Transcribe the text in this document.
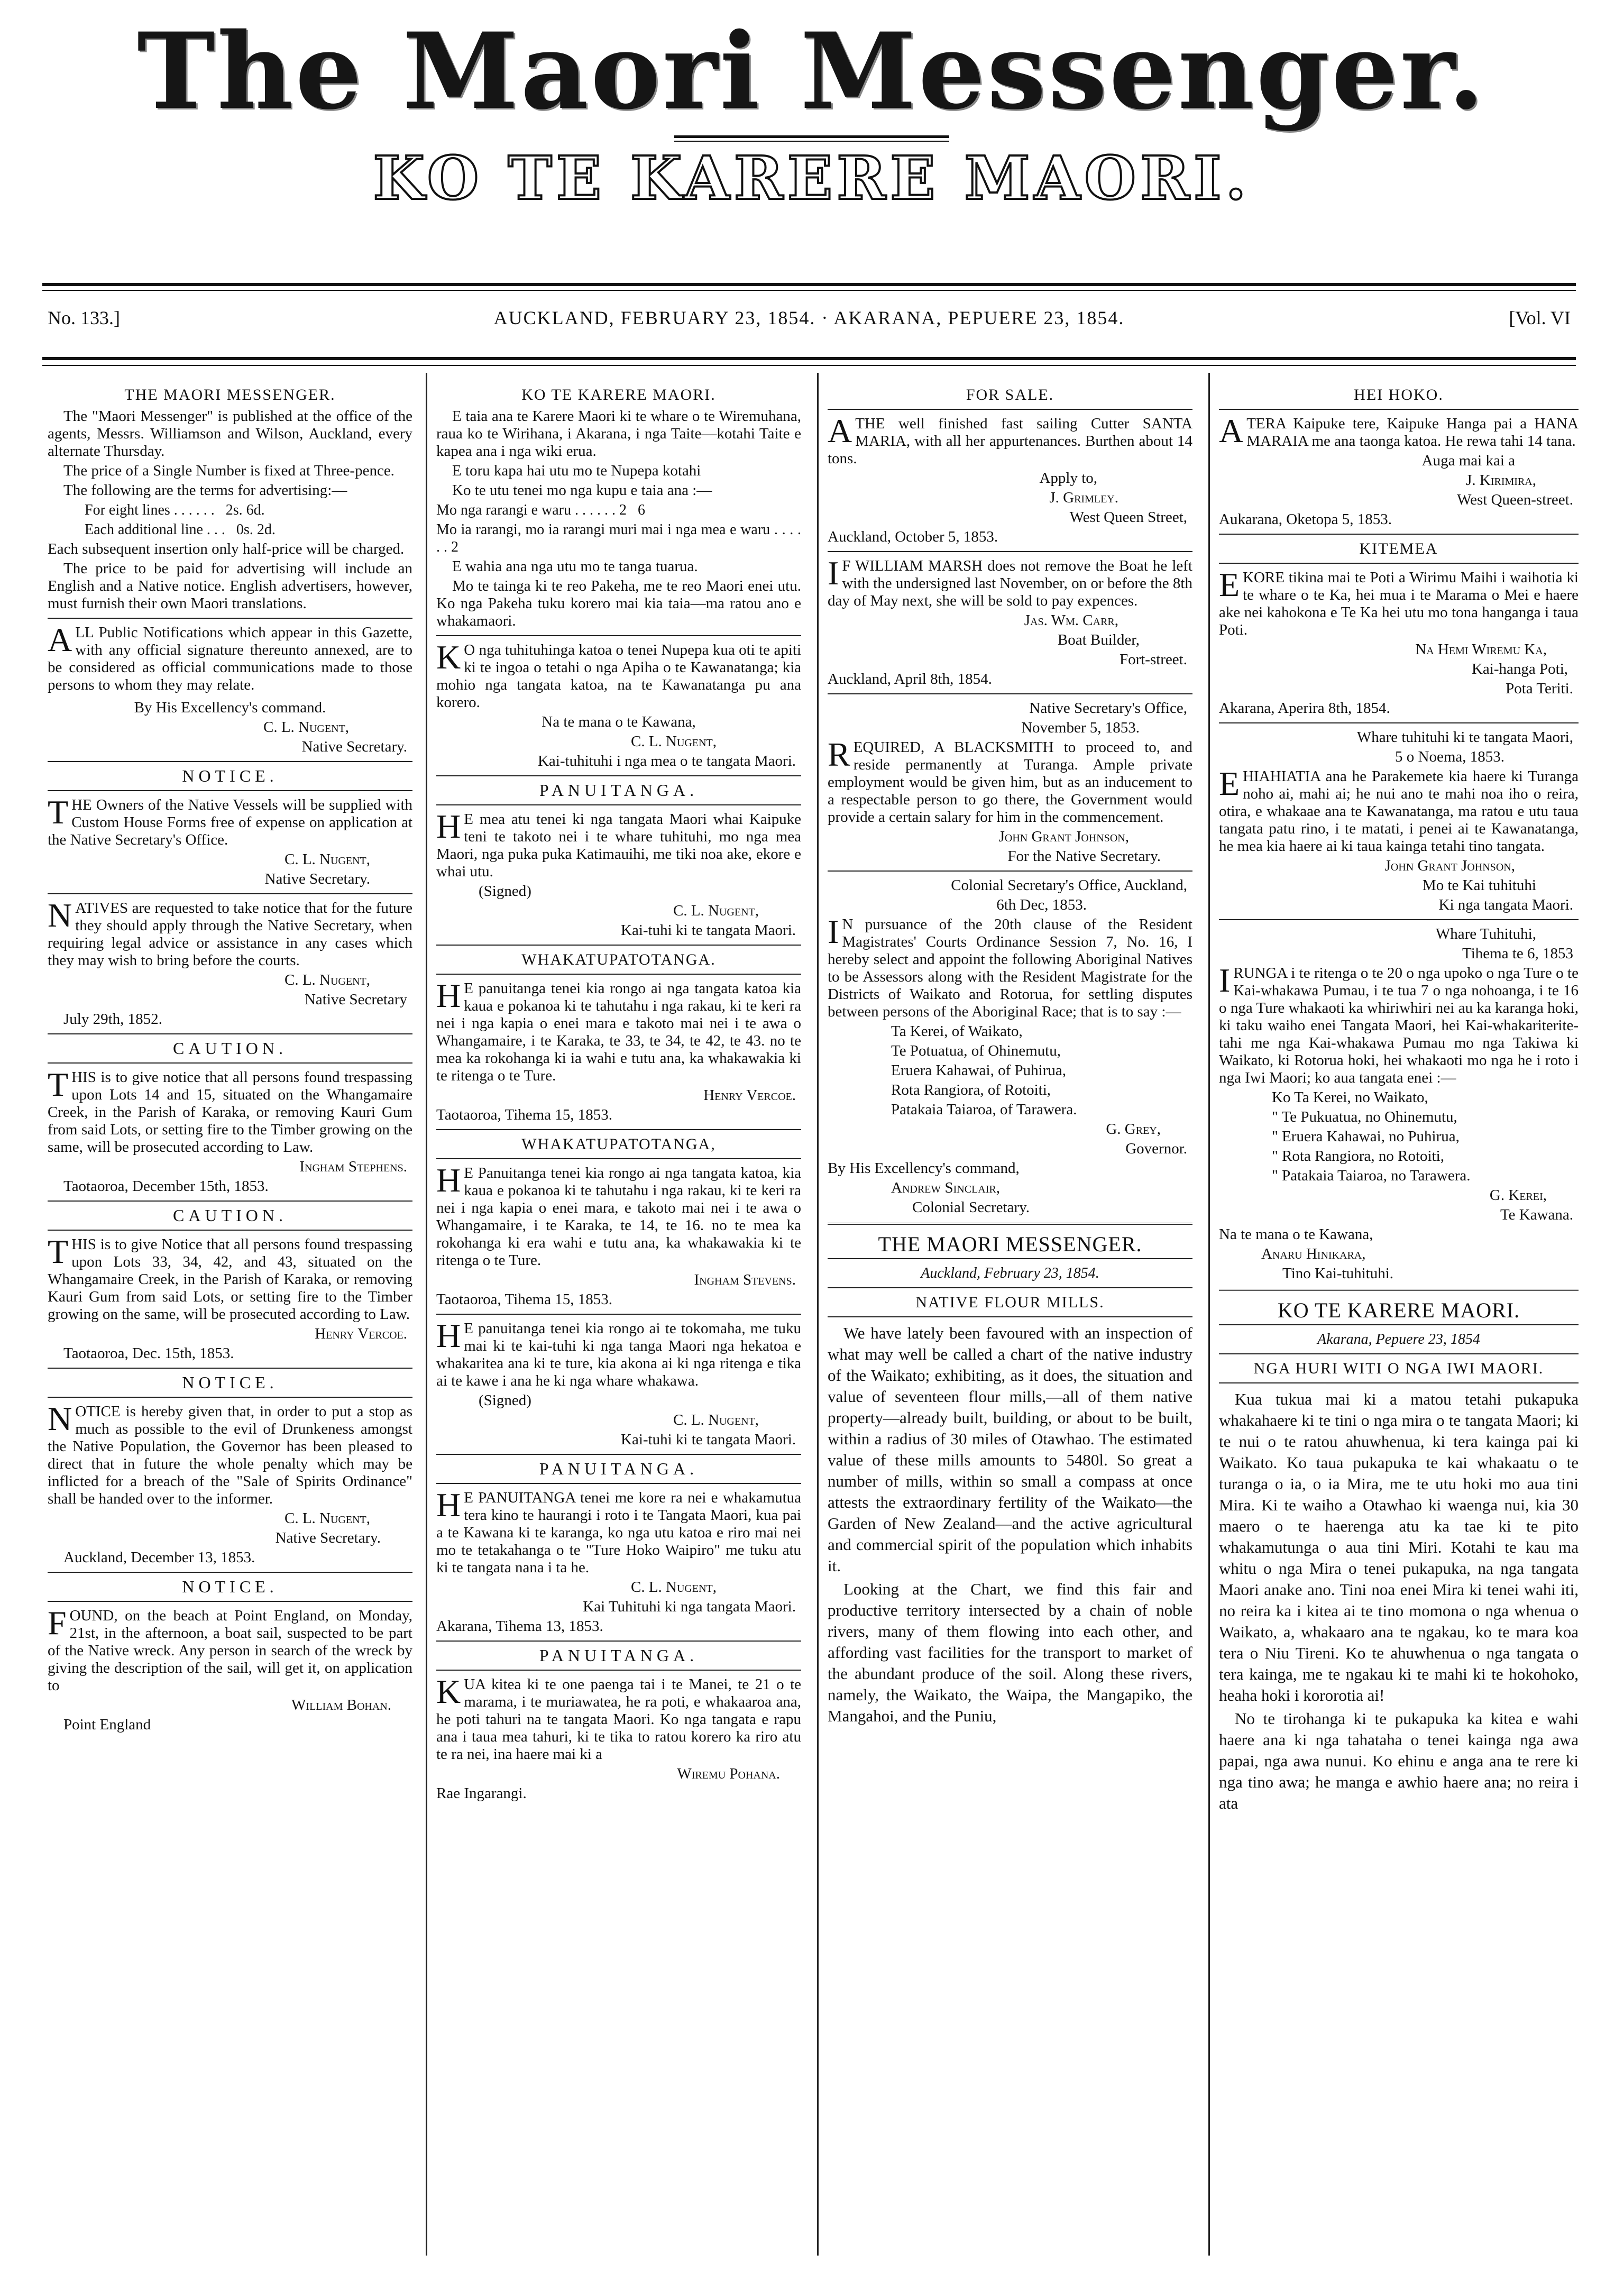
The Maori Messenger.
KO TE KARERE MAORI.
No. 133.]	AUCKLAND, FEBRUARY 23, 1854. · AKARANA, PEPUERE 23, 1854.	[Vol. VI
THE MAORI MESSENGER.

The "Maori Messenger" is published at the office of the agents, Messrs. Williamson and Wilson, Auckland, every alternate Thursday.

The price of a Single Number is fixed at Three-pence.

The following are the terms for advertising:—

For eight lines . . . . . .   2s. 6d.

Each additional line . . .   0s. 2d.

Each subsequent insertion only half-price will be charged.

The price to be paid for advertising will include an English and a Native notice. English advertisers, however, must furnish their own Maori translations.

ALL Public Notifications which appear in this Gazette, with any official signature thereunto annexed, are to be considered as official communications made to those persons to whom they may relate.

By His Excellency's command.

C. L. Nugent,

Native Secretary.

NOTICE.

THE Owners of the Native Vessels will be supplied with Custom House Forms free of expense on application at the Native Secretary's Office.

C. L. Nugent,

Native Secretary.

NATIVES are requested to take notice that for the future they should apply through the Native Secretary, when requiring legal advice or assistance in any cases which they may wish to bring before the courts.

C. L. Nugent,

Native Secretary

July 29th, 1852.

CAUTION.

THIS is to give notice that all persons found trespassing upon Lots 14 and 15, situated on the Whangamaire Creek, in the Parish of Karaka, or removing Kauri Gum from said Lots, or setting fire to the Timber growing on the same, will be prosecuted according to Law.

Ingham Stephens.

Taotaoroa, December 15th, 1853.

CAUTION.

THIS is to give Notice that all persons found trespassing upon Lots 33, 34, 42, and 43, situated on the Whangamaire Creek, in the Parish of Karaka, or removing Kauri Gum from said Lots, or setting fire to the Timber growing on the same, will be prosecuted according to Law.

Henry Vercoe.

Taotaoroa, Dec. 15th, 1853.

NOTICE.

NOTICE is hereby given that, in order to put a stop as much as possible to the evil of Drunkeness amongst the Native Population, the Governor has been pleased to direct that in future the whole penalty which may be inflicted for a breach of the "Sale of Spirits Ordinance" shall be handed over to the informer.

C. L. Nugent,

Native Secretary.

Auckland, December 13, 1853.

NOTICE.

FOUND, on the beach at Point England, on Monday, 21st, in the afternoon, a boat sail, suspected to be part of the Native wreck. Any person in search of the wreck by giving the description of the sail, will get it, on application to

William Bohan.

Point England

KO TE KARERE MAORI.

E taia ana te Karere Maori ki te whare o te Wiremuhana, raua ko te Wirihana, i Akarana, i nga Taite—kotahi Taite e kapea ana i nga wiki erua.

E toru kapa hai utu mo te Nupepa kotahi

Ko te utu tenei mo nga kupu e taia ana :—

Mo nga rarangi e waru . . . . . . 2   6

Mo ia rarangi, mo ia rarangi muri mai i nga mea e waru . . . . . . 2

E wahia ana nga utu mo te tanga tuarua.

Mo te tainga ki te reo Pakeha, me te reo Maori enei utu. Ko nga Pakeha tuku korero mai kia taia—ma ratou ano e whakamaori.

KO nga tuhituhinga katoa o tenei Nupepa kua oti te apiti ki te ingoa o tetahi o nga Apiha o te Kawanatanga; kia mohio nga tangata katoa, na te Kawanatanga pu ana korero.

Na te mana o te Kawana,

C. L. Nugent,

Kai-tuhituhi i nga mea o te tangata Maori.

PANUITANGA.

HE mea atu tenei ki nga tangata Maori whai Kaipuke teni te takoto nei i te whare tuhituhi, mo nga mea Maori, nga puka puka Katimauihi, me tiki noa ake, ekore e whai utu.

(Signed)

C. L. Nugent,

Kai-tuhi ki te tangata Maori.

WHAKATUPATOTANGA.

HE panuitanga tenei kia rongo ai nga tangata katoa kia kaua e pokanoa ki te tahutahu i nga rakau, ki te keri ra nei i nga kapia o enei mara e takoto mai nei i te awa o Whangamaire, i te Karaka, te 33, te 34, te 42, te 43. no te mea ka rokohanga ki ia wahi e tutu ana, ka whakawakia ki te ritenga o te Ture.

Henry Vercoe.

Taotaoroa, Tihema 15, 1853.

WHAKATUPATOTANGA,

HE Panuitanga tenei kia rongo ai nga tangata katoa, kia kaua e pokanoa ki te tahutahu i nga rakau, ki te keri ra nei i nga kapia o enei mara, e takoto mai nei i te awa o Whangamaire, i te Karaka, te 14, te 16. no te mea ka rokohanga ki era wahi e tutu ana, ka whakawakia ki te ritenga o te Ture.

Ingham Stevens.

Taotaoroa, Tihema 15, 1853.

HE panuitanga tenei kia rongo ai te tokomaha, me tuku mai ki te kai-tuhi ki nga tanga Maori nga hekatoa e whakaritea ana ki te ture, kia akona ai ki nga ritenga e tika ai te kawe i ana he ki nga whare whakawa.

(Signed)

C. L. Nugent,

Kai-tuhi ki te tangata Maori.

PANUITANGA.

HE PANUITANGA tenei me kore ra nei e whakamutua tera kino te haurangi i roto i te Tangata Maori, kua pai a te Kawana ki te karanga, ko nga utu katoa e riro mai nei mo te tetakahanga o te "Ture Hoko Waipiro" me tuku atu ki te tangata nana i ta he.

C. L. Nugent,

Kai Tuhituhi ki nga tangata Maori.

Akarana, Tihema 13, 1853.

PANUITANGA.

KUA kitea ki te one paenga tai i te Manei, te 21 o te marama, i te muriawatea, he ra poti, e whakaaroa ana, he poti tahuri na te tangata Maori. Ko nga tangata e rapu ana i taua mea tahuri, ki te tika to ratou korero ka riro atu te ra nei, ina haere mai ki a

Wiremu Pohana.

Rae Ingarangi.

FOR SALE.

ATHE well finished fast sailing Cutter SANTA MARIA, with all her appurtenances. Burthen about 14 tons.

Apply to,

J. Grimley.

West Queen Street,

Auckland, October 5, 1853.

IF WILLIAM MARSH does not remove the Boat he left with the undersigned last November, on or before the 8th day of May next, she will be sold to pay expences.

Jas. Wm. Carr,

Boat Builder,

Fort-street.

Auckland, April 8th, 1854.

Native Secretary's Office,

November 5, 1853.

REQUIRED, A BLACKSMITH to proceed to, and reside permanently at Turanga. Ample private employment would be given him, but as an inducement to a respectable person to go there, the Government would provide a certain salary for him in the commencement.

John Grant Johnson,

For the Native Secretary.

Colonial Secretary's Office, Auckland,

6th Dec, 1853.

IN pursuance of the 20th clause of the Resident Magistrates' Courts Ordinance Session 7, No. 16, I hereby select and appoint the following Aboriginal Natives to be Assessors along with the Resident Magistrate for the Districts of Waikato and Rotorua, for settling disputes between persons of the Aboriginal Race; that is to say :—

Ta Kerei, of Waikato,

Te Potuatua, of Ohinemutu,

Eruera Kahawai, of Puhirua,

Rota Rangiora, of Rotoiti,

Patakaia Taiaroa, of Tarawera.

G. Grey,

Governor.

By His Excellency's command,

Andrew Sinclair,

Colonial Secretary.

THE MAORI MESSENGER.

Auckland, February 23, 1854.

NATIVE FLOUR MILLS.

We have lately been favoured with an inspection of what may well be called a chart of the native industry of the Waikato; exhibiting, as it does, the situation and value of seventeen flour mills,—all of them native property—already built, building, or about to be built, within a radius of 30 miles of Otawhao. The estimated value of these mills amounts to 5480l. So great a number of mills, within so small a compass at once attests the extraordinary fertility of the Waikato—the Garden of New Zealand—and the active agricultural and commercial spirit of the population which inhabits it.

Looking at the Chart, we find this fair and productive territory intersected by a chain of noble rivers, many of them flowing into each other, and affording vast facilities for the transport to market of the abundant produce of the soil. Along these rivers, namely, the Waikato, the Waipa, the Mangapiko, the Mangahoi, and the Puniu,

HEI HOKO.

ATERA Kaipuke tere, Kaipuke Hanga pai a HANA MARAIA me ana taonga katoa. He rewa tahi 14 tana.

Auga mai kai a

J. Kirimira,

West Queen-street.

Aukarana, Oketopa 5, 1853.

KITEMEA

EKORE tikina mai te Poti a Wirimu Maihi i waihotia ki te whare o te Ka, hei mua i te Marama o Mei e haere ake nei kahokona e Te Ka hei utu mo tona hanganga i taua Poti.

Na Hemi Wiremu Ka,

Kai-hanga Poti,

Pota Teriti.

Akarana, Aperira 8th, 1854.

Whare tuhituhi ki te tangata Maori,

5 o Noema, 1853.

EHIAHIATIA ana he Parakemete kia haere ki Turanga noho ai, mahi ai; he nui ano te mahi noa iho o reira, otira, e whakaae ana te Kawanatanga, ma ratou e utu taua tangata patu rino, i te matati, i penei ai te Kawanatanga, he mea kia haere ai ki taua kainga tetahi tino tangata.

John Grant Johnson,

Mo te Kai tuhituhi

Ki nga tangata Maori.

Whare Tuhituhi,

Tihema te 6, 1853

IRUNGA i te ritenga o te 20 o nga upoko o nga Ture o te Kai-whakawa Pumau, i te tua 7 o nga nohoanga, i te 16 o nga Ture whakaoti ka whiriwhiri nei au ka karanga hoki, ki taku waiho enei Tangata Maori, hei Kai-whakariterite-tahi me nga Kai-whakawa Pumau mo nga Takiwa ki Waikato, ki Rotorua hoki, hei whakaoti mo nga he i roto i nga Iwi Maori; ko aua tangata enei :—

Ko Ta Kerei, no Waikato,

" Te Pukuatua, no Ohinemutu,

" Eruera Kahawai, no Puhirua,

" Rota Rangiora, no Rotoiti,

" Patakaia Taiaroa, no Tarawera.

G. Kerei,

Te Kawana.

Na te mana o te Kawana,

Anaru Hinikara,

Tino Kai-tuhituhi.

KO TE KARERE MAORI.

Akarana, Pepuere 23, 1854

NGA HURI WITI O NGA IWI MAORI.

Kua tukua mai ki a matou tetahi pukapuka whakahaere ki te tini o nga mira o te tangata Maori; ki te nui o te ratou ahuwhenua, ki tera kainga pai ki Waikato. Ko taua pukapuka te kai whakaatu o te turanga o ia, o ia Mira, me te utu hoki mo aua tini Mira. Ki te waiho a Otawhao ki waenga nui, kia 30 maero o te haerenga atu ka tae ki te pito whakamutunga o aua tini Miri. Kotahi te kau ma whitu o nga Mira o tenei pukapuka, na nga tangata Maori anake ano. Tini noa enei Mira ki tenei wahi iti, no reira ka i kitea ai te tino momona o nga whenua o Waikato, a, whakaaro ana te ngakau, ko te mara koa tera o Niu Tireni. Ko te ahuwhenua o nga tangata o tera kainga, me te ngakau ki te mahi ki te hokohoko, heaha hoki i kororotia ai!

No te tirohanga ki te pukapuka ka kitea e wahi haere ana ki nga tahataha o tenei kainga nga awa papai, nga awa nunui. Ko ehinu e anga ana te rere ki nga tino awa; he manga e awhio haere ana; no reira i ata
